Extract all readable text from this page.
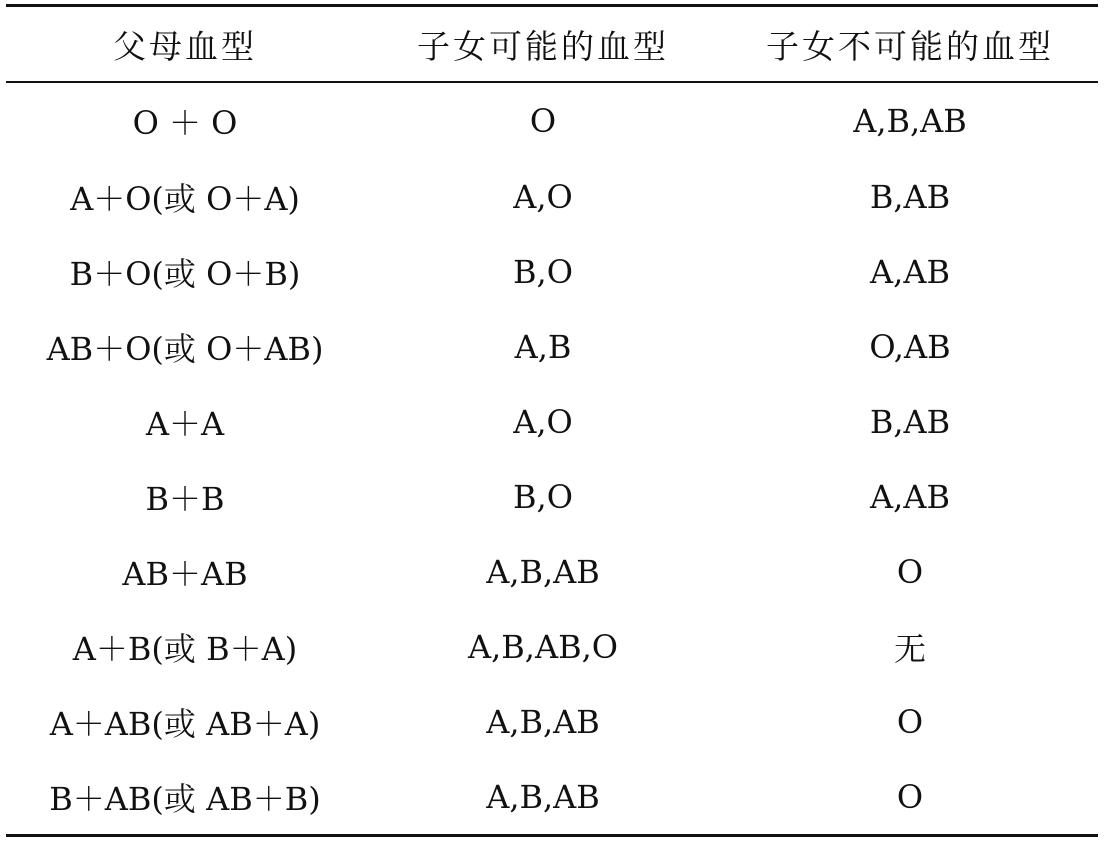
父母血型	子女可能的血型	子女不可能的血型
O ＋ O	O	A,B,AB
A＋O(或 O＋A)	A,O	B,AB
B＋O(或 O＋B)	B,O	A,AB
AB＋O(或 O＋AB)	A,B	O,AB
A＋A	A,O	B,AB
B＋B	B,O	A,AB
AB＋AB	A,B,AB	O
A＋B(或 B＋A)	A,B,AB,O	无
A＋AB(或 AB＋A)	A,B,AB	O
B＋AB(或 AB＋B)	A,B,AB	O
